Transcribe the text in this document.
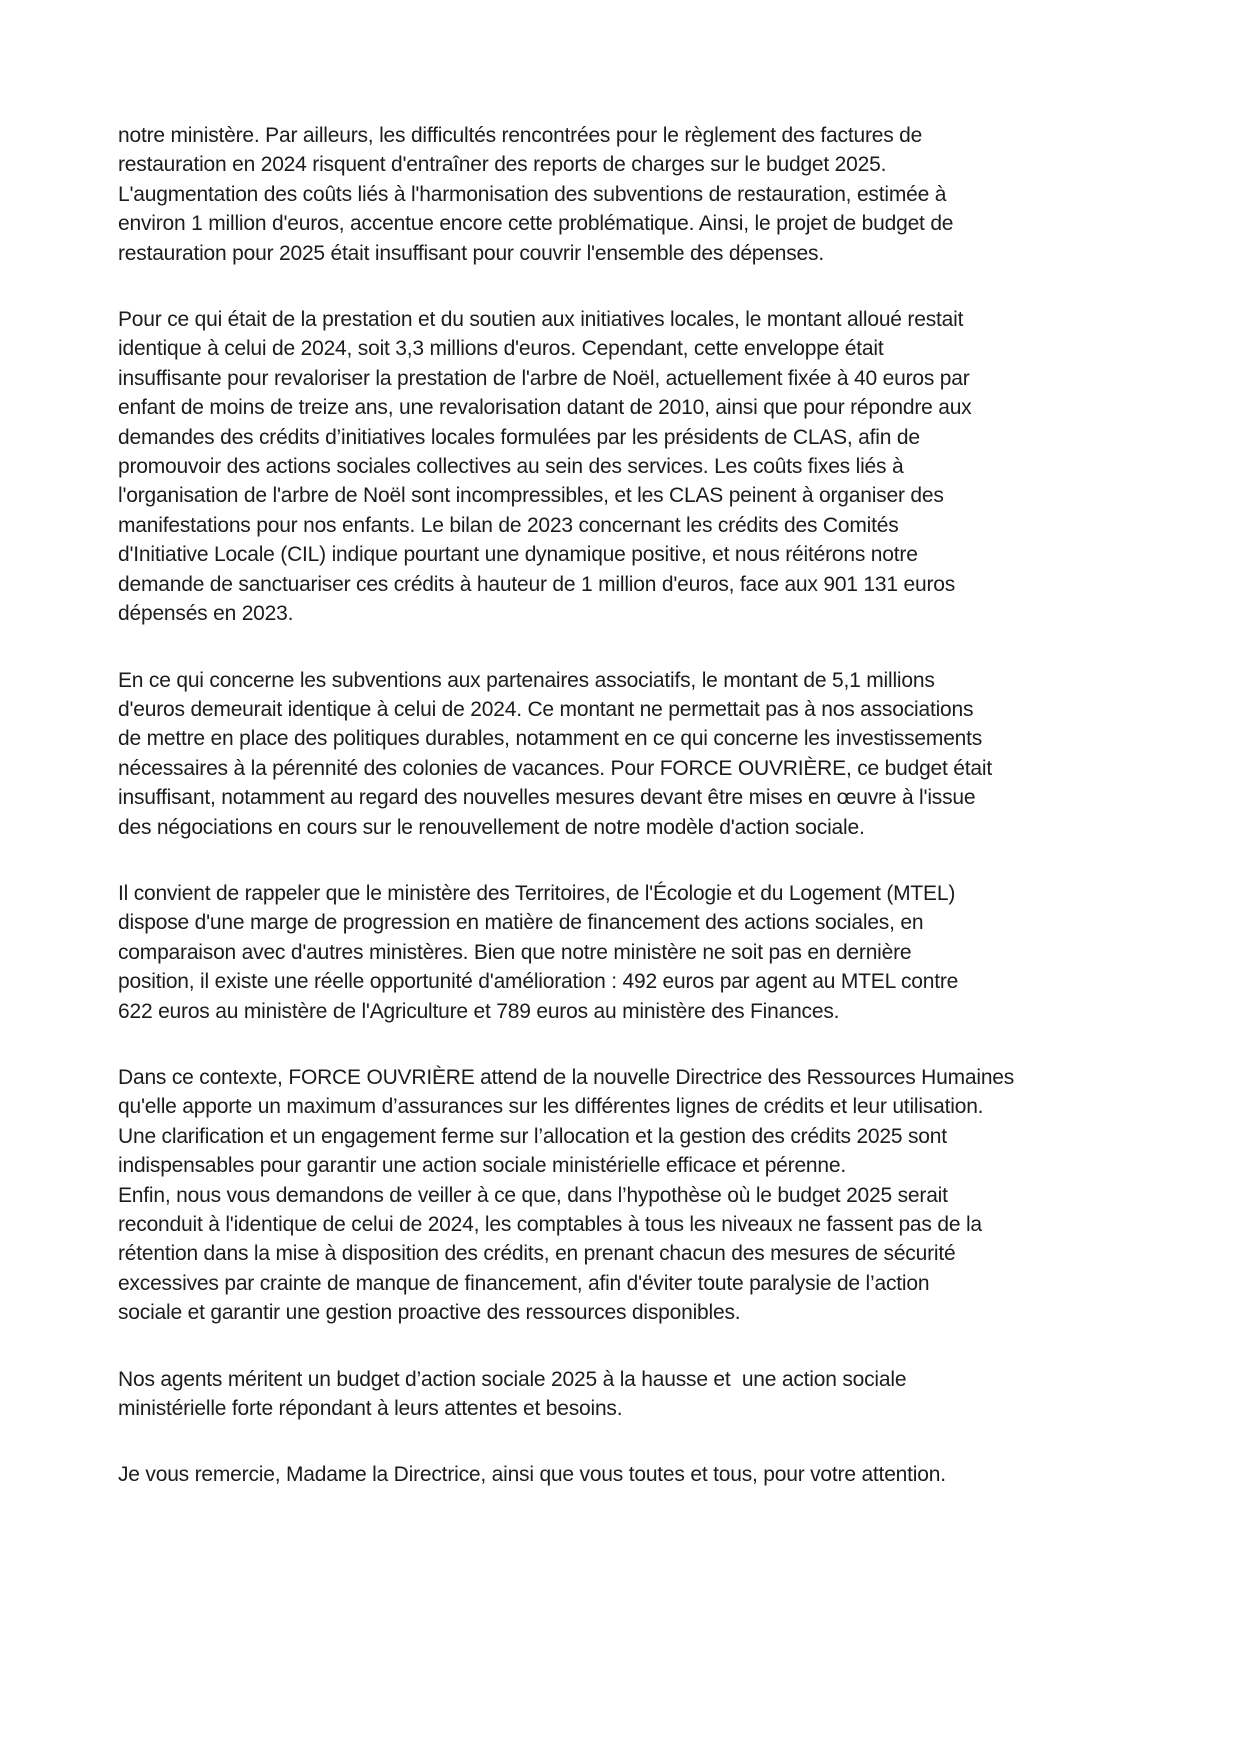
notre ministère. Par ailleurs, les difficultés rencontrées pour le règlement des factures de
restauration en 2024 risquent d'entraîner des reports de charges sur le budget 2025.
L'augmentation des coûts liés à l'harmonisation des subventions de restauration, estimée à
environ 1 million d'euros, accentue encore cette problématique. Ainsi, le projet de budget de
restauration pour 2025 était insuffisant pour couvrir l'ensemble des dépenses.

Pour ce qui était de la prestation et du soutien aux initiatives locales, le montant alloué restait
identique à celui de 2024, soit 3,3 millions d'euros. Cependant, cette enveloppe était
insuffisante pour revaloriser la prestation de l'arbre de Noël, actuellement fixée à 40 euros par
enfant de moins de treize ans, une revalorisation datant de 2010, ainsi que pour répondre aux
demandes des crédits d’initiatives locales formulées par les présidents de CLAS, afin de
promouvoir des actions sociales collectives au sein des services. Les coûts fixes liés à
l'organisation de l'arbre de Noël sont incompressibles, et les CLAS peinent à organiser des
manifestations pour nos enfants. Le bilan de 2023 concernant les crédits des Comités
d'Initiative Locale (CIL) indique pourtant une dynamique positive, et nous réitérons notre
demande de sanctuariser ces crédits à hauteur de 1 million d'euros, face aux 901 131 euros
dépensés en 2023.

En ce qui concerne les subventions aux partenaires associatifs, le montant de 5,1 millions
d'euros demeurait identique à celui de 2024. Ce montant ne permettait pas à nos associations
de mettre en place des politiques durables, notamment en ce qui concerne les investissements
nécessaires à la pérennité des colonies de vacances. Pour FORCE OUVRIÈRE, ce budget était
insuffisant, notamment au regard des nouvelles mesures devant être mises en œuvre à l'issue
des négociations en cours sur le renouvellement de notre modèle d'action sociale.

Il convient de rappeler que le ministère des Territoires, de l'Écologie et du Logement (MTEL)
dispose d'une marge de progression en matière de financement des actions sociales, en
comparaison avec d'autres ministères. Bien que notre ministère ne soit pas en dernière
position, il existe une réelle opportunité d'amélioration : 492 euros par agent au MTEL contre
622 euros au ministère de l'Agriculture et 789 euros au ministère des Finances.

Dans ce contexte, FORCE OUVRIÈRE attend de la nouvelle Directrice des Ressources Humaines
qu'elle apporte un maximum d’assurances sur les différentes lignes de crédits et leur utilisation.
Une clarification et un engagement ferme sur l’allocation et la gestion des crédits 2025 sont
indispensables pour garantir une action sociale ministérielle efficace et pérenne.
Enfin, nous vous demandons de veiller à ce que, dans l’hypothèse où le budget 2025 serait
reconduit à l'identique de celui de 2024, les comptables à tous les niveaux ne fassent pas de la
rétention dans la mise à disposition des crédits, en prenant chacun des mesures de sécurité
excessives par crainte de manque de financement, afin d'éviter toute paralysie de l’action
sociale et garantir une gestion proactive des ressources disponibles.

Nos agents méritent un budget d’action sociale 2025 à la hausse et  une action sociale
ministérielle forte répondant à leurs attentes et besoins.

Je vous remercie, Madame la Directrice, ainsi que vous toutes et tous, pour votre attention.
